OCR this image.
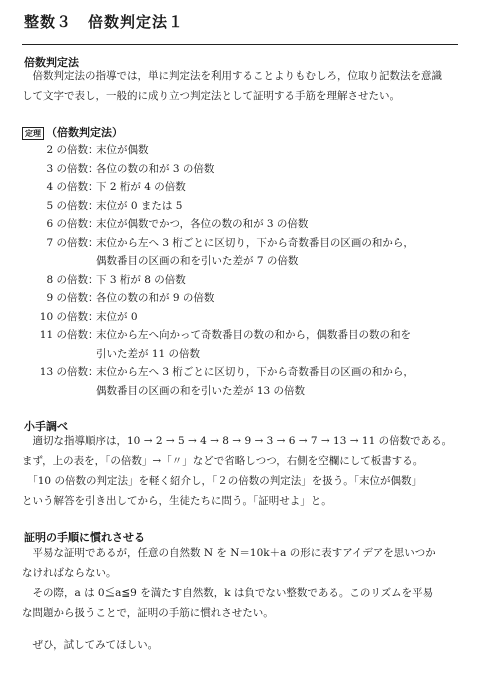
整数３　倍数判定法１
倍数判定法
倍数判定法の指導では，単に判定法を利用することよりもむしろ，位取り記数法を意識
して文字で表し，一般的に成り立つ判定法として証明する手筋を理解させたい。
定理 （倍数判定法）
2 の倍数 ：
末位が偶数
3 の倍数 ：
各位の数の和が 3 の倍数
4 の倍数 ：
下 2 桁が 4 の倍数
5 の倍数 ：
末位が 0 または 5
6 の倍数 ：
末位が偶数でかつ，各位の数の和が 3 の倍数
7 の倍数 ：
末位から左へ 3 桁ごとに区切り，下から奇数番目の区画の和から，
偶数番目の区画の和を引いた差が 7 の倍数
8 の倍数 ：
下 3 桁が 8 の倍数
9 の倍数 ：
各位の数の和が 9 の倍数
10 の倍数 ：
末位が 0
11 の倍数 ：
末位から左へ向かって奇数番目の数の和から，偶数番目の数の和を
引いた差が 11 の倍数
13 の倍数 ：
末位から左へ 3 桁ごとに区切り，下から奇数番目の区画の和から，
偶数番目の区画の和を引いた差が 13 の倍数
小手調べ
　適切な指導順序は，10 → 2 → 5 → 4 → 8 → 9 → 3 → 6 → 7 → 13 → 11 の倍数である。
まず，上の表を，「の倍数」→「〃」などで省略しつつ，右側を空欄にして板書する。
　「10 の倍数の判定法」を軽く紹介し，「２の倍数の判定法」を扱う。「末位が偶数」
という解答を引き出してから，生徒たちに問う。「証明せよ」と。
証明の手順に慣れさせる
　平易な証明であるが，任意の自然数 N を N＝10k＋a の形に表すアイデアを思いつか
なければならない。
　その際，a は 0≦a≦9 を満たす自然数，k は負でない整数である。このリズムを平易
な問題から扱うことで，証明の手筋に慣れさせたい。
　ぜひ，試してみてほしい。
